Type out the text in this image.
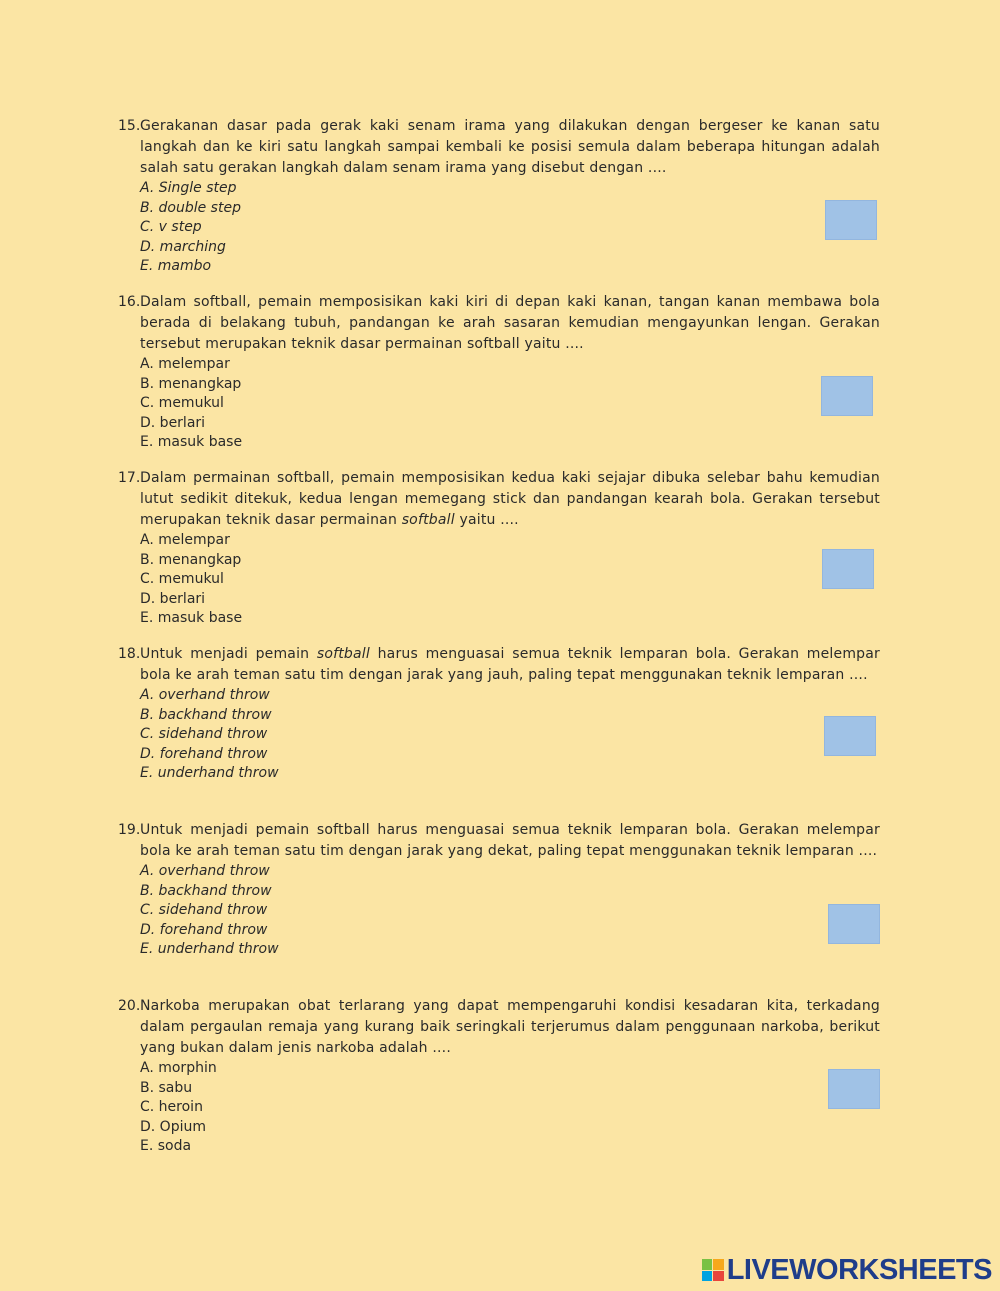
15. Gerakanan dasar pada gerak kaki senam irama yang dilakukan dengan bergeser ke kanan satu langkah dan ke kiri satu langkah sampai kembali ke posisi semula dalam beberapa hitungan adalah salah satu gerakan langkah dalam senam irama yang disebut dengan ....
A. Single step
B. double step
C. v step
D. marching
E. mambo
16. Dalam softball, pemain memposisikan kaki kiri di depan kaki kanan, tangan kanan membawa bola berada di belakang tubuh, pandangan ke arah sasaran kemudian mengayunkan lengan. Gerakan tersebut merupakan teknik dasar permainan softball yaitu ....
A. melempar
B. menangkap
C. memukul
D. berlari
E. masuk base
17. Dalam permainan softball, pemain memposisikan kedua kaki sejajar dibuka selebar bahu kemudian lutut sedikit ditekuk, kedua lengan memegang stick dan pandangan kearah bola. Gerakan tersebut merupakan teknik dasar permainan softball yaitu ....
A. melempar
B. menangkap
C. memukul
D. berlari
E. masuk base
18. Untuk menjadi pemain softball harus menguasai semua teknik lemparan bola. Gerakan melempar bola ke arah teman satu tim dengan jarak yang jauh, paling tepat menggunakan teknik lemparan ....
A. overhand throw
B. backhand throw
C. sidehand throw
D. forehand throw
E. underhand throw
19. Untuk menjadi pemain softball harus menguasai semua teknik lemparan bola. Gerakan melempar bola ke arah teman satu tim dengan jarak yang dekat, paling tepat menggunakan teknik lemparan ....
A. overhand throw
B. backhand throw
C. sidehand throw
D. forehand throw
E. underhand throw
20. Narkoba merupakan obat terlarang yang dapat mempengaruhi kondisi kesadaran kita, terkadang dalam pergaulan remaja yang kurang baik seringkali terjerumus dalam penggunaan narkoba, berikut yang bukan dalam jenis narkoba adalah ....
A. morphin
B. sabu
C. heroin
D. Opium
E. soda
LIVEWORKSHEETS
